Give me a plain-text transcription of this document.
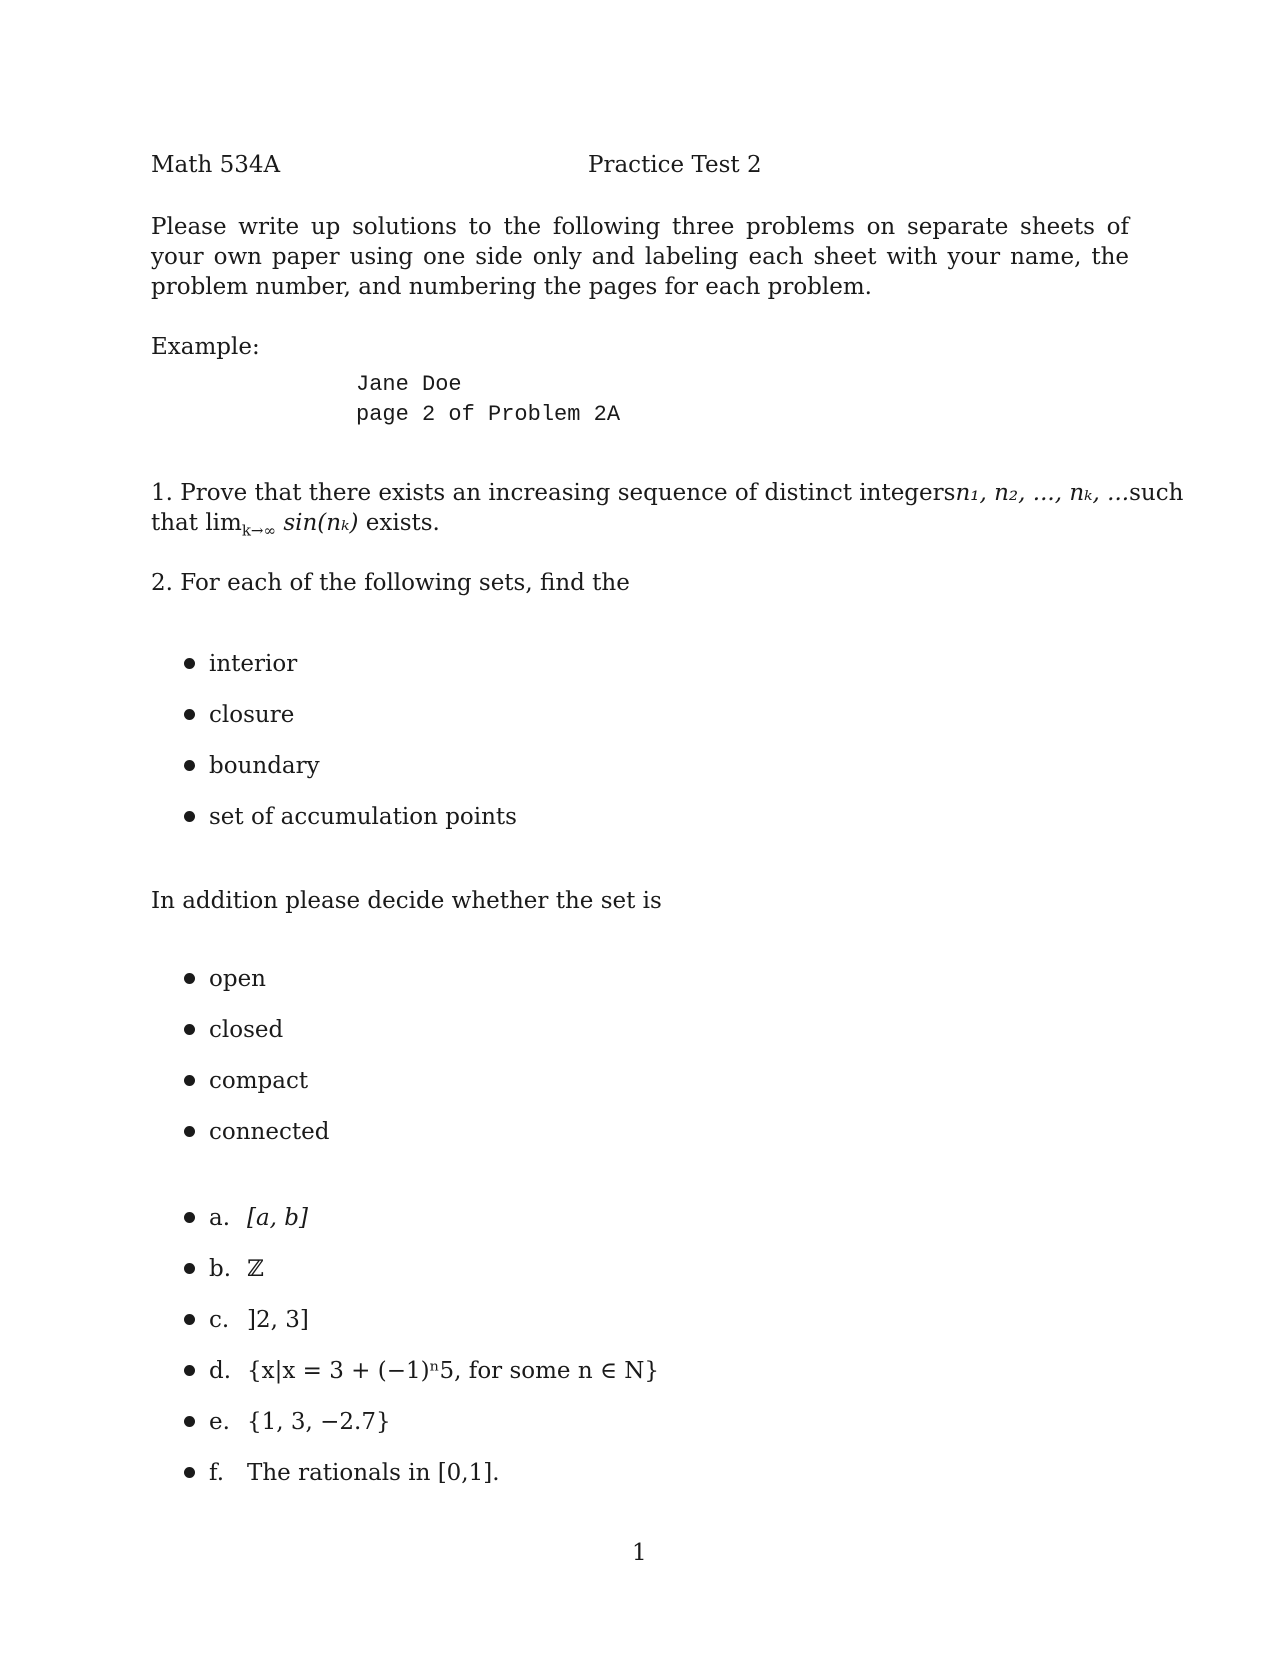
Math 534A	Practice Test 2
Please write up solutions to the following three problems on separate sheets of your own paper using one side only and labeling each sheet with your name, the problem number, and numbering the pages for each problem.
Example:
Jane Doe
page 2 of Problem 2A
1. Prove that there exists an increasing sequence of distinct integers n₁, n₂, ..., nₖ, ... such
that $\lim_{k\to\infty} \sin(n_k)$ exists.
2. For each of the following sets, find the
interior
closure
boundary
set of accumulation points
In addition please decide whether the set is
open
closed
compact
connected
a. [a, b]
b. ℤ
c. ]2, 3]
d. {x|x = 3 + (−1)ⁿ5, for some n ∈ N}
e. {1, 3, −2.7}
f. The rationals in [0,1].
1
